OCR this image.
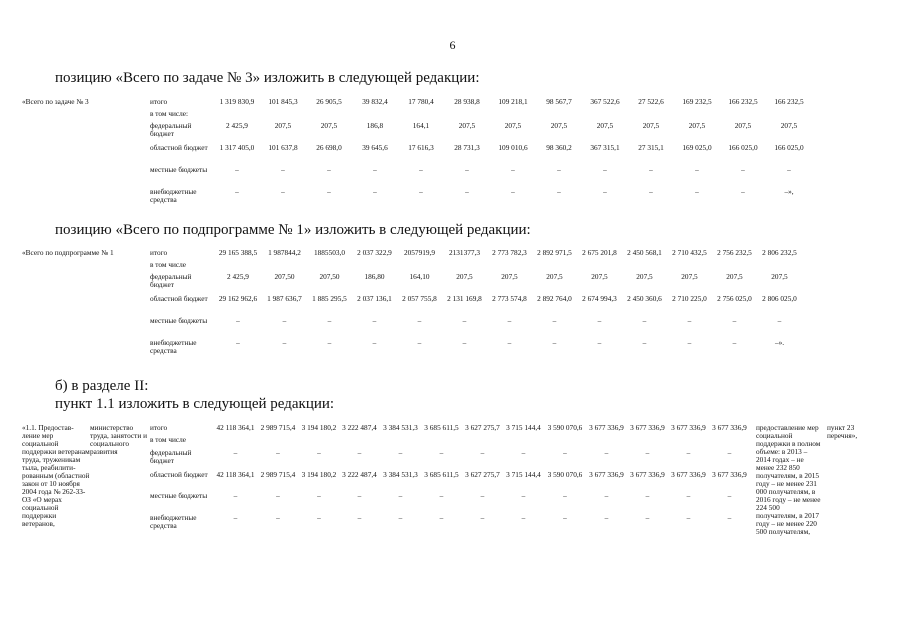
6
позицию «Всего по задаче № 3» изложить в следующей редакции:
«Всего по задаче № 3	итого	1 319 830,9	101 845,3	26 905,5	39 832,4	17 780,4	28 938,8	109 218,1	98 567,7	367 522,6	27 522,6	169 232,5	166 232,5	166 232,5
	в том числе:													
	федеральный бюджет	2 425,9	207,5	207,5	186,8	164,1	207,5	207,5	207,5	207,5	207,5	207,5	207,5	207,5
	областной бюджет	1 317 405,0	101 637,8	26 698,0	39 645,6	17 616,3	28 731,3	109 010,6	98 360,2	367 315,1	27 315,1	169 025,0	166 025,0	166 025,0
	местные бюджеты	–	–	–	–	–	–	–	–	–	–	–	–	–
	внебюджетные средства	–	–	–	–	–	–	–	–	–	–	–	–	–»,
позицию «Всего по подпрограмме № 1» изложить в следующей редакции:
«Всего по подпрограмме № 1	итого	29 165 388,5	1 987844,2	1885503,0	2 037 322,9	2057919,9	2131377,3	2 773 782,3	2 892 971,5	2 675 201,8	2 450 568,1	2 710 432,5	2 756 232,5	2 806 232,5
	в том числе													
	федеральный бюджет	2 425,9	207,50	207,50	186,80	164,10	207,5	207,5	207,5	207,5	207,5	207,5	207,5	207,5
	областной бюджет	29 162 962,6	1 987 636,7	1 885 295,5	2 037 136,1	2 057 755,8	2 131 169,8	2 773 574,8	2 892 764,0	2 674 994,3	2 450 360,6	2 710 225,0	2 756 025,0	2 806 025,0
	местные бюджеты	–	–	–	–	–	–	–	–	–	–	–	–	–
	внебюджетные средства	–	–	–	–	–	–	–	–	–	–	–	–	–».
б) в разделе II:
пункт 1.1 изложить в следующей редакции:
«1.1. Предостав-ление мер социальной поддержки ветеранам труда, труженикам тыла, реабилити-рованным (областной закон от 10 ноября 2004 года № 262-33-ОЗ «О мерах социальной поддержки ветеранов,	министерство труда, занятости и социального развития	итого	42 118 364,1	2 989 715,4	3 194 180,2	3 222 487,4	3 384 531,3	3 685 611,5	3 627 275,7	3 715 144,4	3 590 070,6	3 677 336,9	3 677 336,9	3 677 336,9	3 677 336,9	предоставление мер социальной поддержки в полном объеме: в 2013 – 2014 годах – не менее 232 850 получателям, в 2015 году – не менее 231 000 получателям, в 2016 году – не менее 224 500 получателям, в 2017 году – не менее 220 500 получателям,	пункт 23 перечня»,
		в том числе															
		федеральный бюджет	–	–	–	–	–	–	–	–	–	–	–	–	–		
		областной бюджет	42 118 364,1	2 989 715,4	3 194 180,2	3 222 487,4	3 384 531,3	3 685 611,5	3 627 275,7	3 715 144,4	3 590 070,6	3 677 336,9	3 677 336,9	3 677 336,9	3 677 336,9		
		местные бюджеты	–	–	–	–	–	–	–	–	–	–	–	–	–		
		внебюджетные средства	–	–	–	–	–	–	–	–	–	–	–	–	–		
